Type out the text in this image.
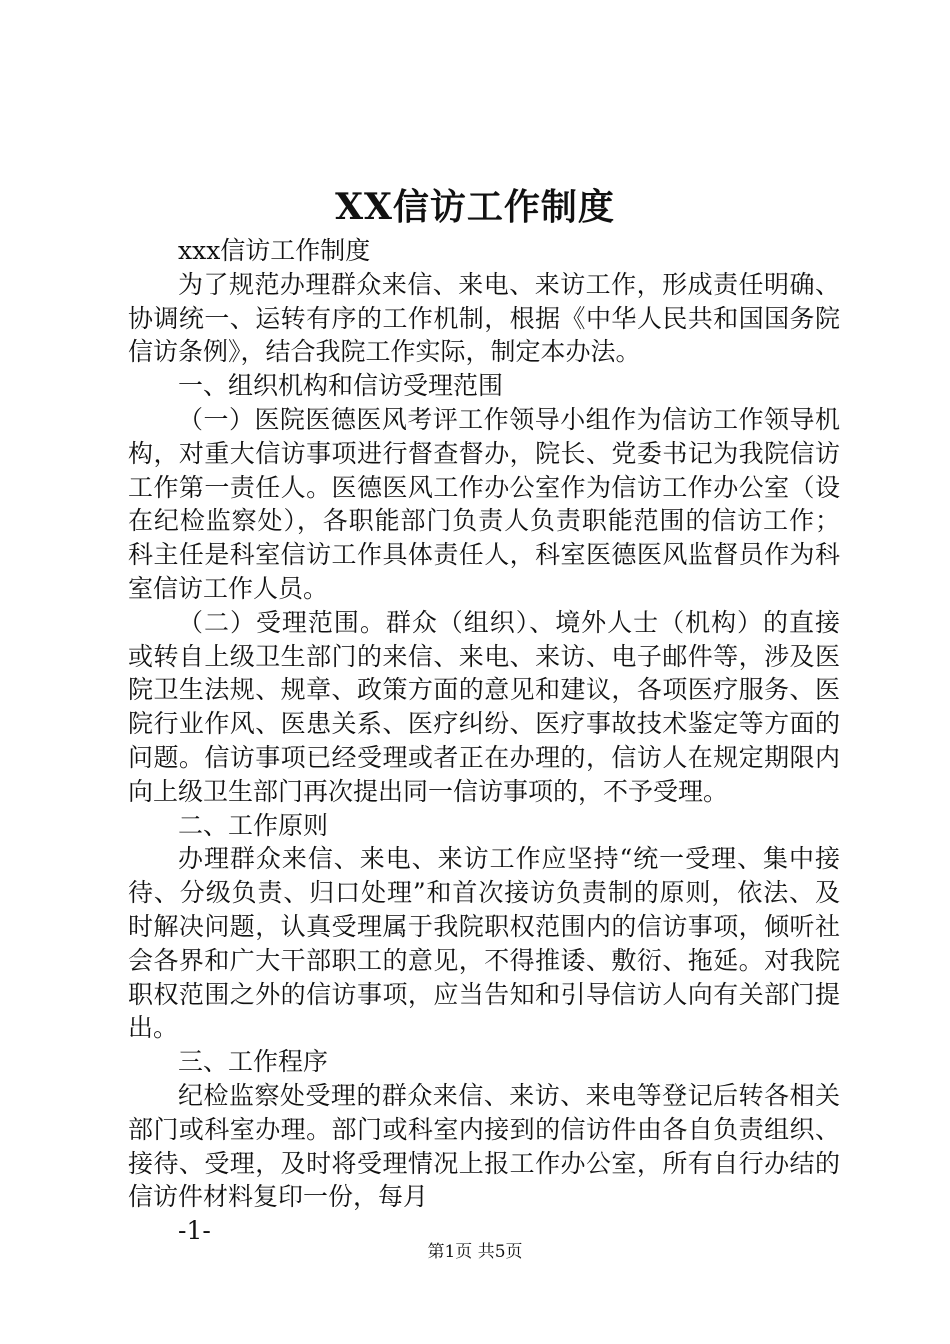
XX信访工作制度

xxx信访工作制度

为了规范办理群众来信、来电、来访工作，形成责任明确、协调统一、运转有序的工作机制，根据《中华人民共和国国务院信访条例》，结合我院工作实际，制定本办法。

一、组织机构和信访受理范围

（一）医院医德医风考评工作领导小组作为信访工作领导机构，对重大信访事项进行督查督办，院长、党委书记为我院信访工作第一责任人。医德医风工作办公室作为信访工作办公室（设在纪检监察处），各职能部门负责人负责职能范围的信访工作；科主任是科室信访工作具体责任人，科室医德医风监督员作为科室信访工作人员。

（二）受理范围。群众（组织）、境外人士（机构）的直接或转自上级卫生部门的来信、来电、来访、电子邮件等，涉及医院卫生法规、规章、政策方面的意见和建议，各项医疗服务、医院行业作风、医患关系、医疗纠纷、医疗事故技术鉴定等方面的问题。信访事项已经受理或者正在办理的，信访人在规定期限内向上级卫生部门再次提出同一信访事项的，不予受理。

二、工作原则

办理群众来信、来电、来访工作应坚持“统一受理、集中接待、分级负责、归口处理”和首次接访负责制的原则，依法、及时解决问题，认真受理属于我院职权范围内的信访事项，倾听社会各界和广大干部职工的意见，不得推诿、敷衍、拖延。对我院职权范围之外的信访事项，应当告知和引导信访人向有关部门提出。

三、工作程序

纪检监察处受理的群众来信、来访、来电等登记后转各相关部门或科室办理。部门或科室内接到的信访件由各自负责组织、接待、受理，及时将受理情况上报工作办公室，所有自行办结的信访件材料复印一份，每月

-1-

第1页 共5页
